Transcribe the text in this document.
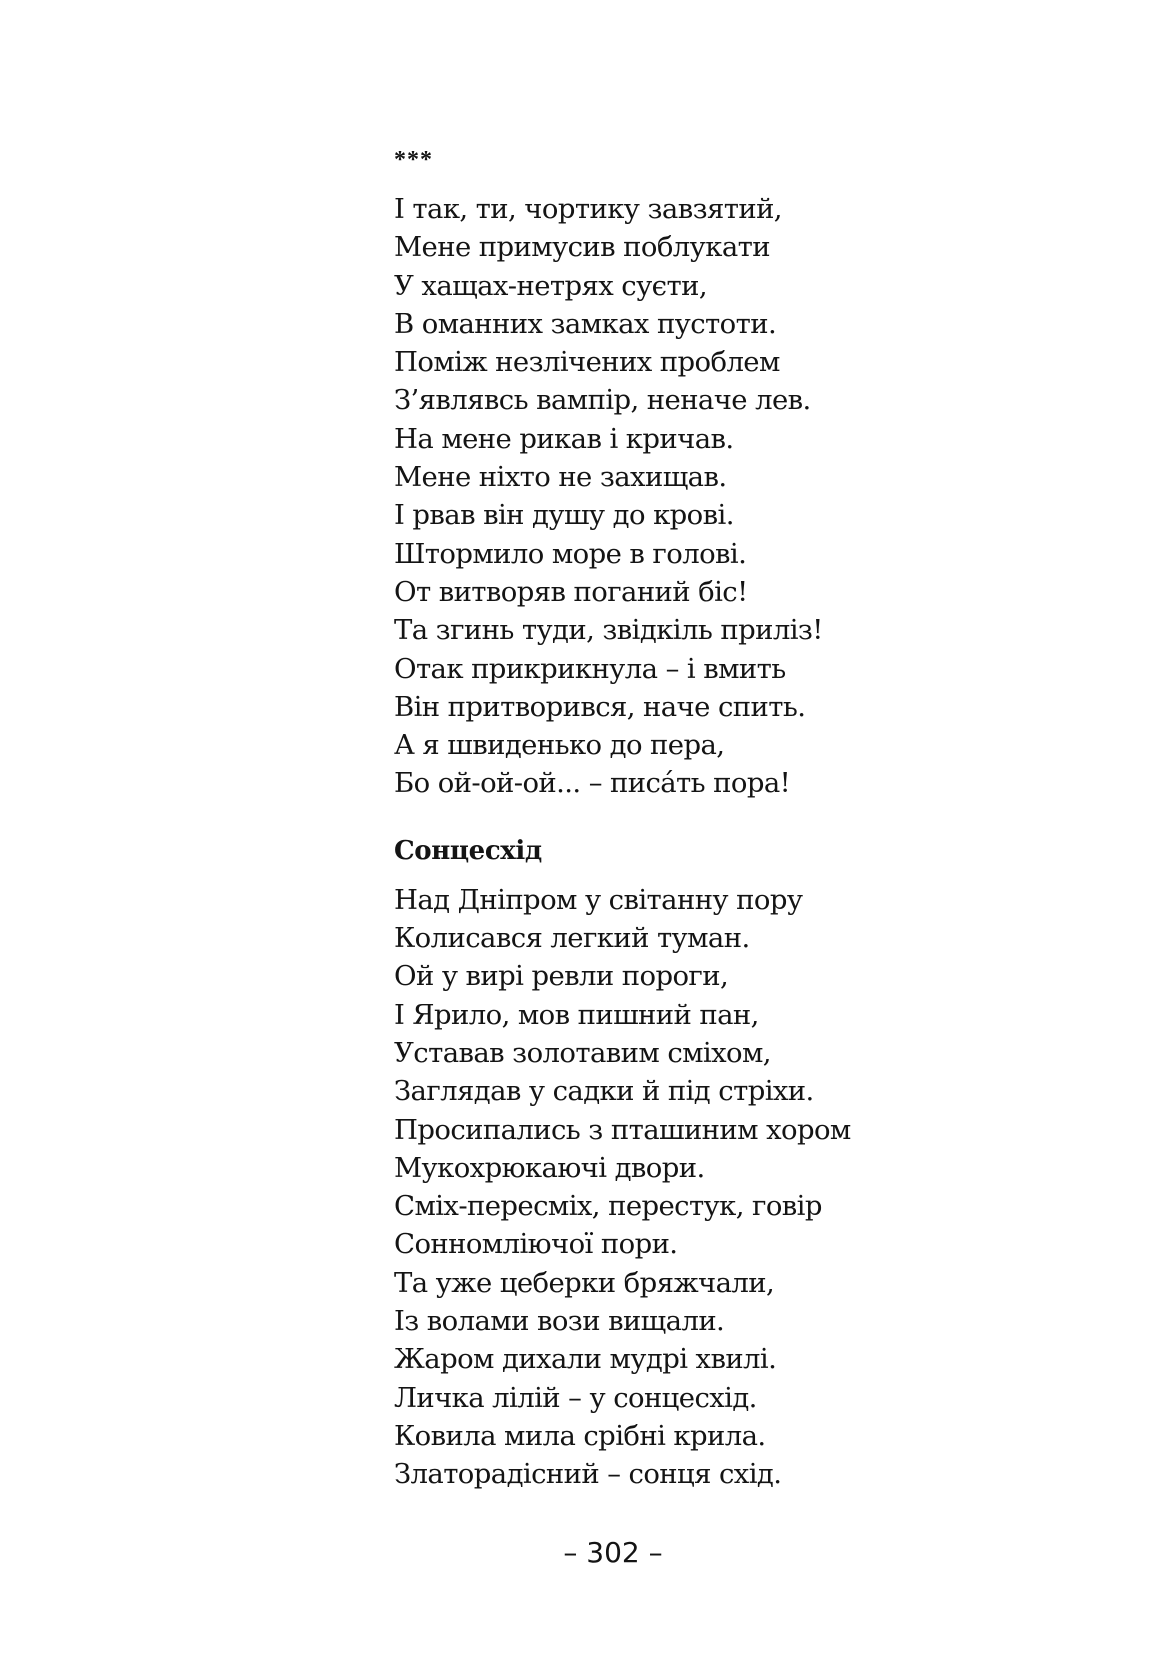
***
І так, ти, чортику завзятий,
Мене примусив поблукати
У хащах-нетрях суєти,
В оманних замках пустоти.
Поміж незлічених проблем
З’являвсь вампір, неначе лев.
На мене рикав і кричав.
Мене ніхто не захищав.
І рвав він душу до крові.
Штормило море в голові.
От витворяв поганий біс!
Та згинь туди, звідкіль приліз!
Отак прикрикнула – і вмить
Він притворився, наче спить.
А я швиденько до пера,
Бо ой-ой-ой... – писа́ть пора!
Сонцесхід
Над Дніпром у світанну пору
Колисався легкий туман.
Ой у вирі ревли пороги,
І Ярило, мов пишний пан,
Уставав золотавим сміхом,
Заглядав у садки й під стріхи.
Просипались з пташиним хором
Мукохрюкаючі двори.
Сміх-пересміх, перестук, говір
Сонномліючої пори.
Та уже цеберки бряжчали,
Із волами вози вищали.
Жаром дихали мудрі хвилі.
Личка лілій – у сонцесхід.
Ковила мила срібні крила.
Златорадісний – сонця схід.
– 302 –
